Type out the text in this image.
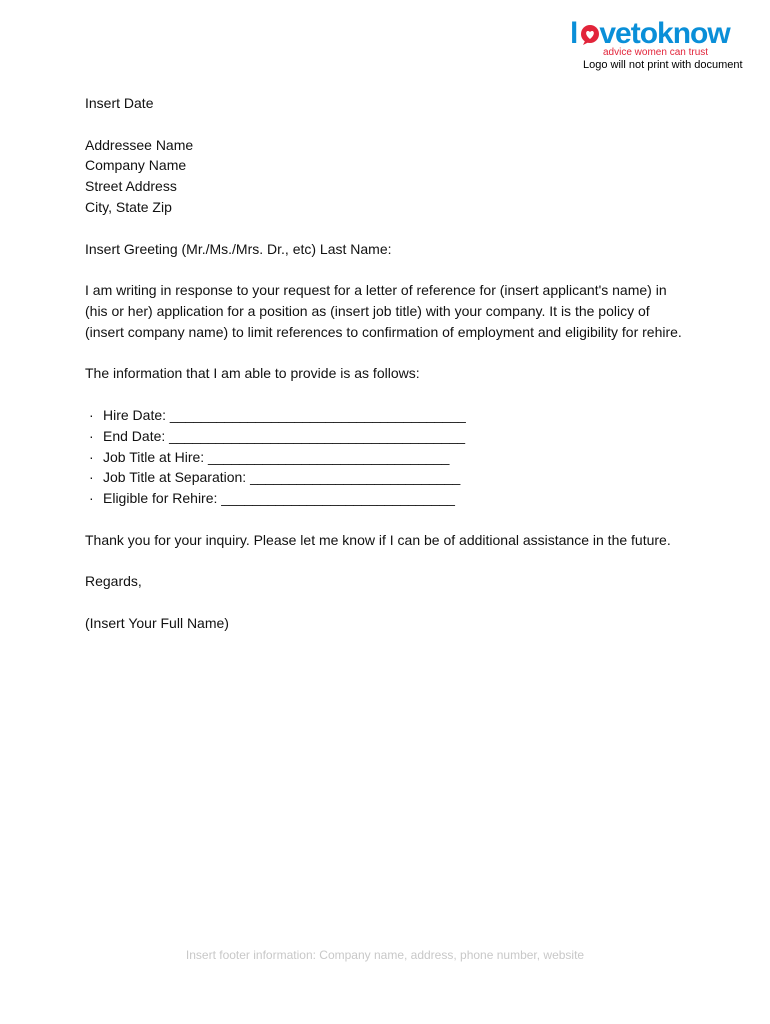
l vetoknow
advice women can trust
Logo will not print with document

Insert Date

Addressee Name

Company Name

Street Address

City, State Zip

Insert Greeting (Mr./Ms./Mrs. Dr., etc) Last Name:

I am writing in response to your request for a letter of reference for (insert applicant's name) in (his or her) application for a position as (insert job title) with your company. It is the policy of (insert company name) to limit references to confirmation of employment and eligibility for rehire.

The information that I am able to provide is as follows:

· Hire Date: ______________________________________
· End Date: ______________________________________
· Job Title at Hire: _______________________________
· Job Title at Separation: ___________________________
· Eligible for Rehire: ______________________________

Thank you for your inquiry. Please let me know if I can be of additional assistance in the future.

Regards,

(Insert Your Full Name)

Insert footer information: Company name, address, phone number, website
